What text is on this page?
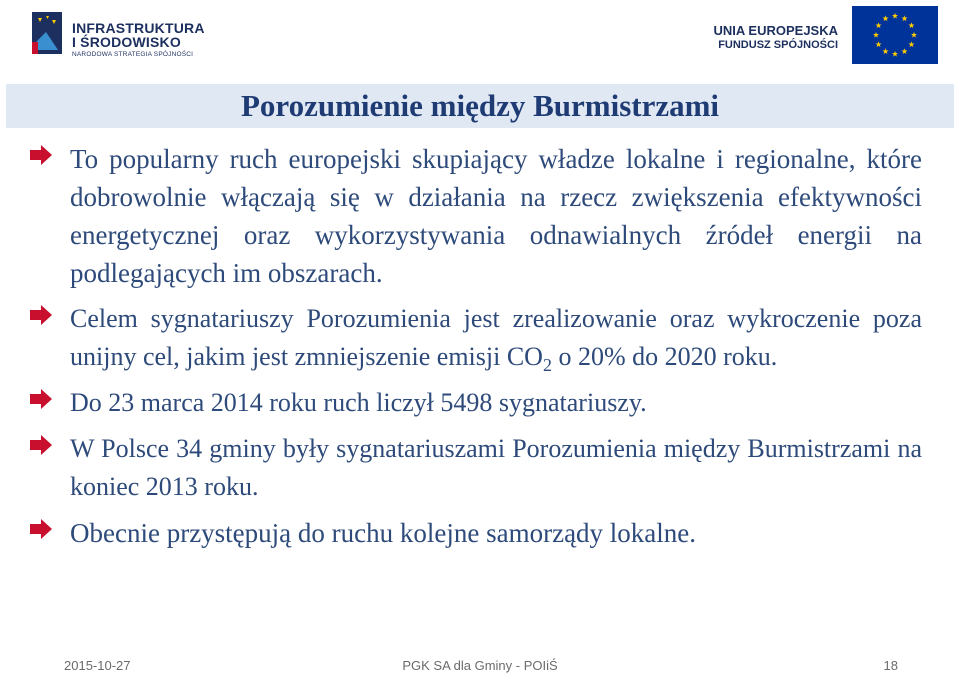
INFRASTRUKTURA
I ŚRODOWISKO
NARODOWA STRATEGIA SPÓJNOŚCI
UNIA EUROPEJSKA
FUNDUSZ SPÓJNOŚCI
Porozumienie między Burmistrzami
To popularny ruch europejski skupiający władze lokalne i regionalne, które dobrowolnie włączają się w działania na rzecz zwiększenia efektywności energetycznej oraz wykorzystywania odnawialnych źródeł energii na podlegających im obszarach.
Celem sygnatariuszy Porozumienia jest zrealizowanie oraz wykroczenie poza unijny cel, jakim jest zmniejszenie emisji $CO_2$ o 20% do 2020 roku.
Do 23 marca 2014 roku ruch liczył 5498 sygnatariuszy.
W Polsce 34 gminy były sygnatariuszami Porozumienia między Burmistrzami na koniec 2013 roku.
Obecnie przystępują do ruchu kolejne samorządy lokalne.
2015-10-27	PGK SA dla Gminy - POIiŚ	18
